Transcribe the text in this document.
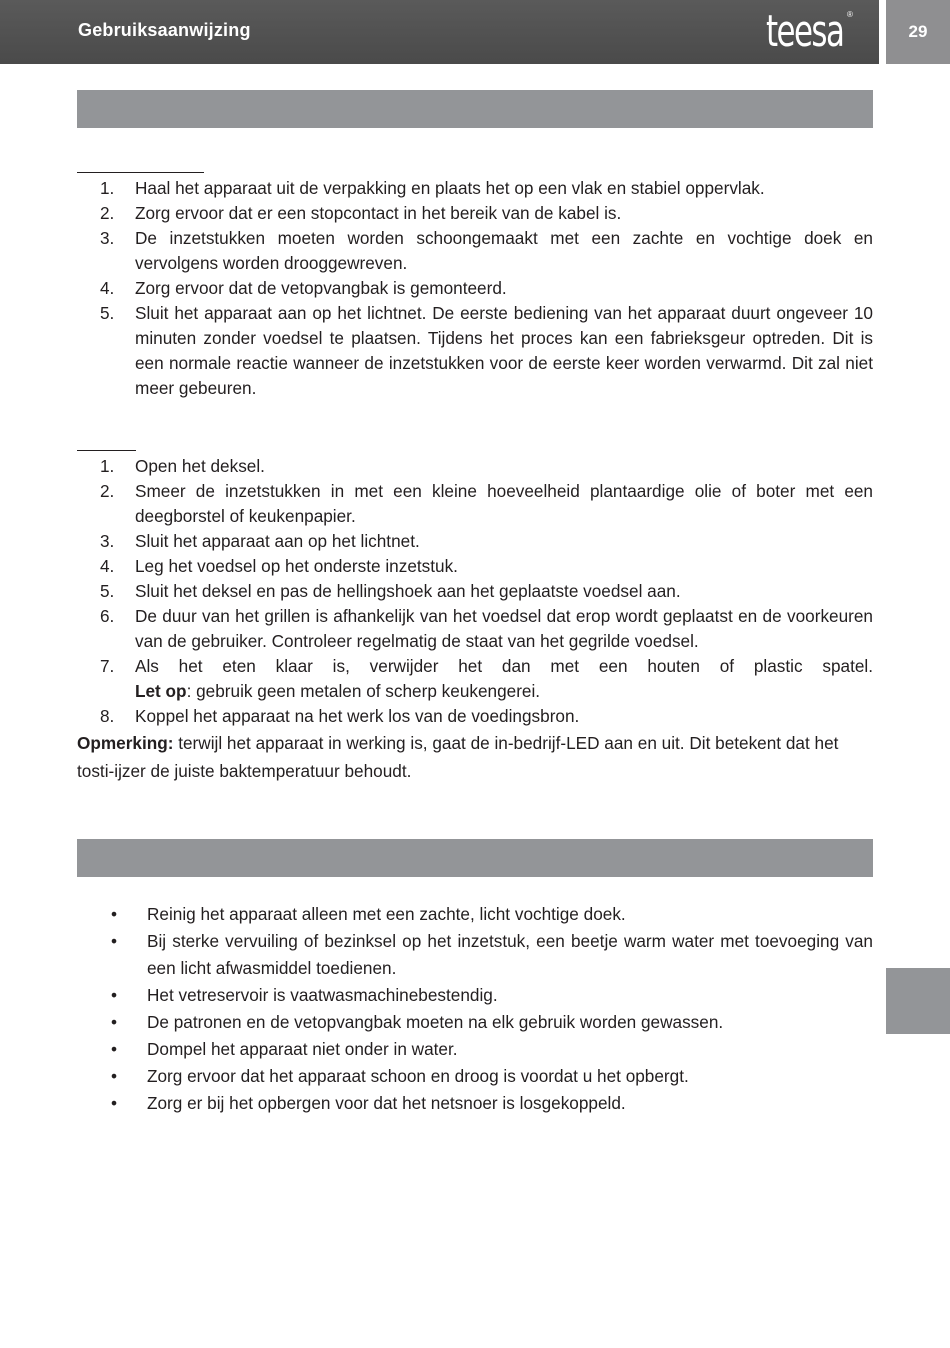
Gebruiksaanwijzing	teesa ®
29
1.	Haal het apparaat uit de verpakking en plaats het op een vlak en stabiel oppervlak.
2.	Zorg ervoor dat er een stopcontact in het bereik van de kabel is.
3.	De inzetstukken moeten worden schoongemaakt met een zachte en vochtige doek en vervolgens worden drooggewreven.
4.	Zorg ervoor dat de vetopvangbak is gemonteerd.
5.	Sluit het apparaat aan op het lichtnet. De eerste bediening van het apparaat duurt ongeveer 10 minuten zonder voedsel te plaatsen. Tijdens het proces kan een fabrieksgeur optreden. Dit is een normale reactie wanneer de inzetstukken voor de eerste keer worden verwarmd. Dit zal niet meer gebeuren.
1.	Open het deksel.
2.	Smeer de inzetstukken in met een kleine hoeveelheid plantaardige olie of boter met een deegborstel of keukenpapier.
3.	Sluit het apparaat aan op het lichtnet.
4.	Leg het voedsel op het onderste inzetstuk.
5.	Sluit het deksel en pas de hellingshoek aan het geplaatste voedsel aan.
6.	De duur van het grillen is afhankelijk van het voedsel dat erop wordt geplaatst en de voorkeuren van de gebruiker. Controleer regelmatig de staat van het gegrilde voedsel.
7.	Als het eten klaar is, verwijder het dan met een houten of plastic spatel.
Let op: gebruik geen metalen of scherp keukengerei.
8.	Koppel het apparaat na het werk los van de voedingsbron.
Opmerking: terwijl het apparaat in werking is, gaat de in-bedrijf-LED aan en uit. Dit betekent dat het tosti-ijzer de juiste baktemperatuur behoudt.
• Reinig het apparaat alleen met een zachte, licht vochtige doek.
• Bij sterke vervuiling of bezinksel op het inzetstuk, een beetje warm water met toevoeging van een licht afwasmiddel toedienen.
• Het vetreservoir is vaatwasmachinebestendig.
• De patronen en de vetopvangbak moeten na elk gebruik worden gewassen.
• Dompel het apparaat niet onder in water.
• Zorg ervoor dat het apparaat schoon en droog is voordat u het opbergt.
• Zorg er bij het opbergen voor dat het netsnoer is losgekoppeld.
